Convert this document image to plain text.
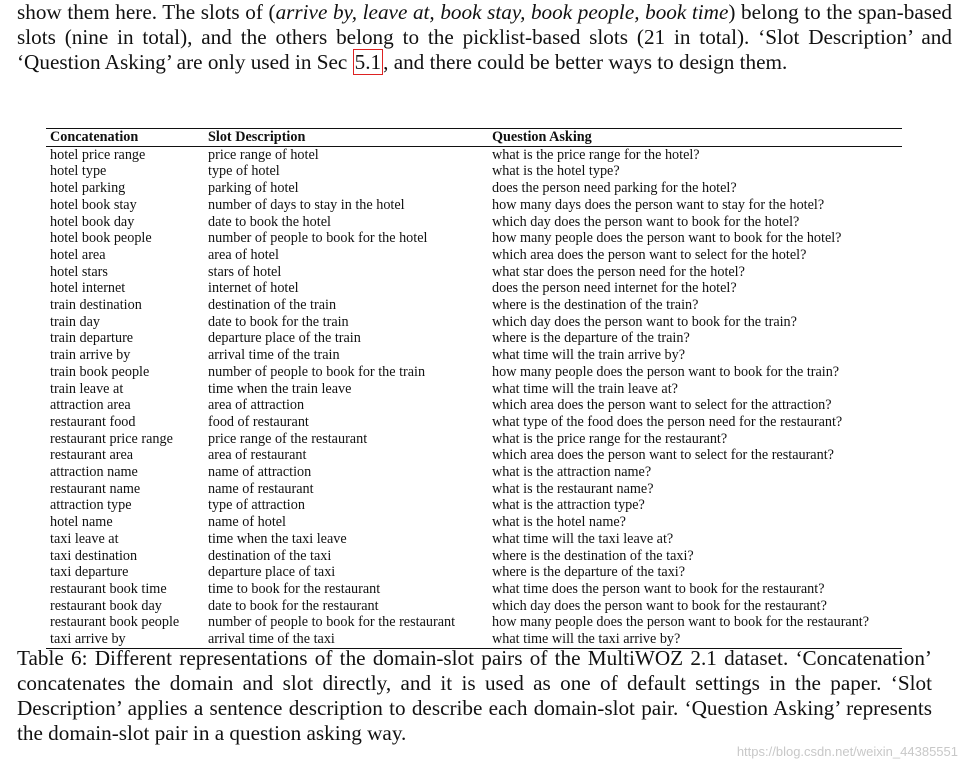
show them here. The slots of (arrive by, leave at, book stay, book people, book time) belong to the span-based slots (nine in total), and the others belong to the picklist-based slots (21 in total). ‘Slot Description’ and ‘Question Asking’ are only used in Sec 5.1, and there could be better ways to design them.
Concatenation	Slot Description	Question Asking
hotel price range	price range of hotel	what is the price range for the hotel?
hotel type	type of hotel	what is the hotel type?
hotel parking	parking of hotel	does the person need parking for the hotel?
hotel book stay	number of days to stay in the hotel	how many days does the person want to stay for the hotel?
hotel book day	date to book the hotel	which day does the person want to book for the hotel?
hotel book people	number of people to book for the hotel	how many people does the person want to book for the hotel?
hotel area	area of hotel	which area does the person want to select for the hotel?
hotel stars	stars of hotel	what star does the person need for the hotel?
hotel internet	internet of hotel	does the person need internet for the hotel?
train destination	destination of the train	where is the destination of the train?
train day	date to book for the train	which day does the person want to book for the train?
train departure	departure place of the train	where is the departure of the train?
train arrive by	arrival time of the train	what time will the train arrive by?
train book people	number of people to book for the train	how many people does the person want to book for the train?
train leave at	time when the train leave	what time will the train leave at?
attraction area	area of attraction	which area does the person want to select for the attraction?
restaurant food	food of restaurant	what type of the food does the person need for the restaurant?
restaurant price range	price range of the restaurant	what is the price range for the restaurant?
restaurant area	area of restaurant	which area does the person want to select for the restaurant?
attraction name	name of attraction	what is the attraction name?
restaurant name	name of restaurant	what is the restaurant name?
attraction type	type of attraction	what is the attraction type?
hotel name	name of hotel	what is the hotel name?
taxi leave at	time when the taxi leave	what time will the taxi leave at?
taxi destination	destination of the taxi	where is the destination of the taxi?
taxi departure	departure place of taxi	where is the departure of the taxi?
restaurant book time	time to book for the restaurant	what time does the person want to book for the restaurant?
restaurant book day	date to book for the restaurant	which day does the person want to book for the restaurant?
restaurant book people	number of people to book for the restaurant	how many people does the person want to book for the restaurant?
taxi arrive by	arrival time of the taxi	what time will the taxi arrive by?
Table 6: Different representations of the domain-slot pairs of the MultiWOZ 2.1 dataset. ‘Concatenation’ concatenates the domain and slot directly, and it is used as one of default settings in the paper. ‘Slot Description’ applies a sentence description to describe each domain-slot pair. ‘Question Asking’ represents the domain-slot pair in a question asking way.
https://blog.csdn.net/weixin_44385551
